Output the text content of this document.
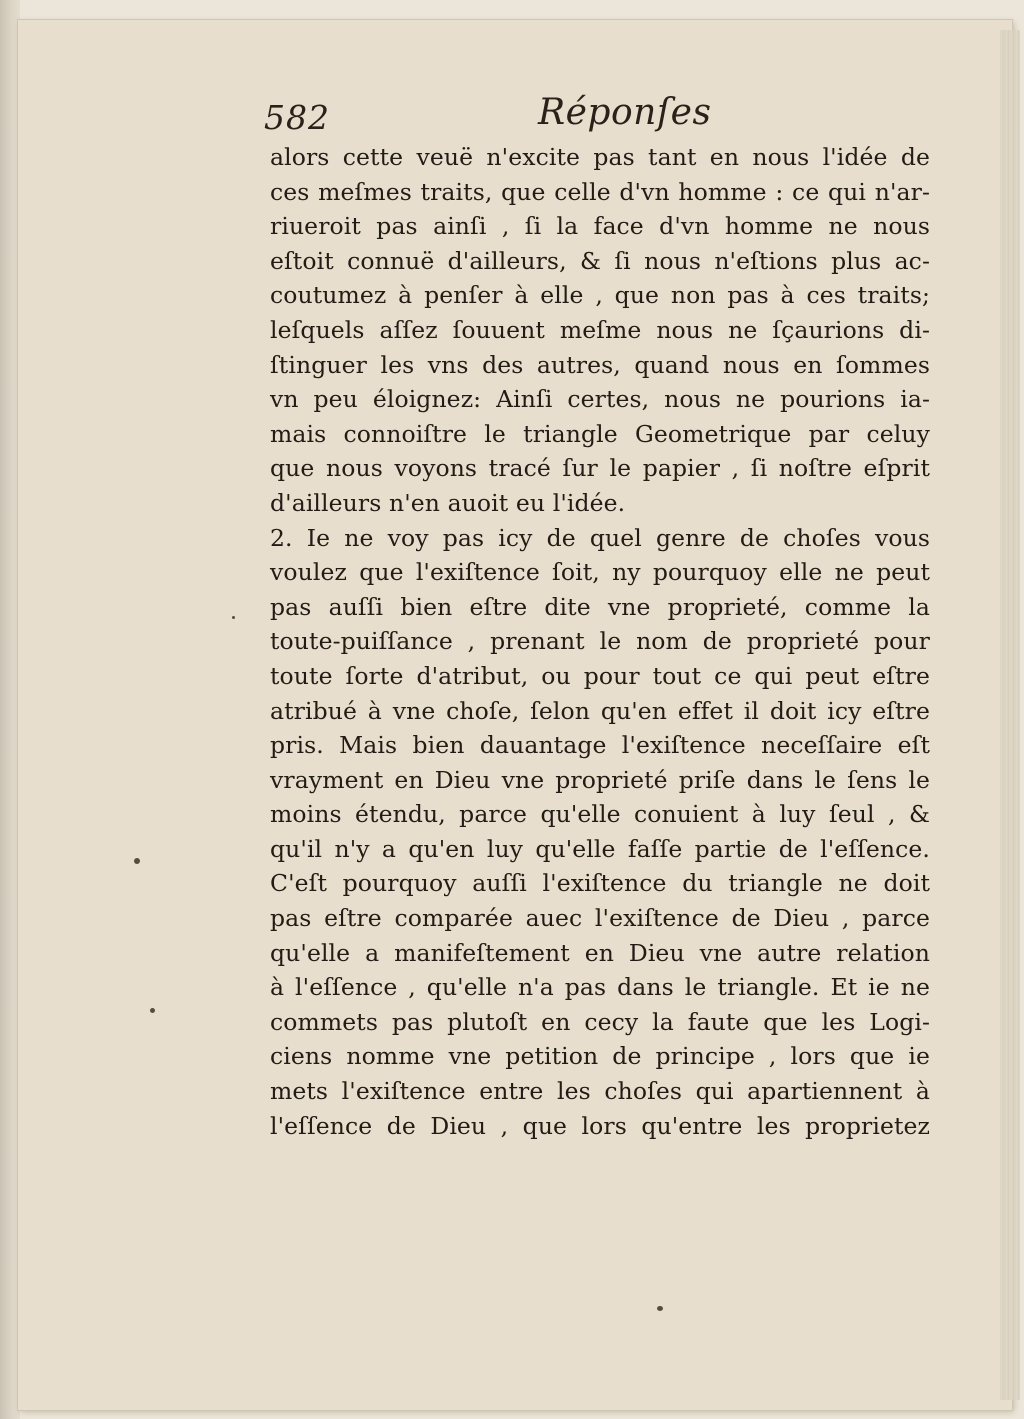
582	Réponſes
alors cette veuë n'excite pas tant en nous l'idée de
ces meſmes traits, que celle d'vn homme : ce qui n'ar-
riueroit pas ainſi , ſi la face d'vn homme ne nous
eſtoit connuë d'ailleurs, & ſi nous n'eſtions plus ac-
coutumez à penſer à elle , que non pas à ces traits;
leſquels aſſez ſouuent meſme nous ne ſçaurions di-
ſtinguer les vns des autres, quand nous en ſommes
vn peu éloignez: Ainſi certes, nous ne pourions ia-
mais connoiſtre le triangle Geometrique par celuy
que nous voyons tracé ſur le papier , ſi noſtre eſprit
d'ailleurs n'en auoit eu l'idée.
2. Ie ne voy pas icy de quel genre de choſes vous
voulez que l'exiſtence ſoit, ny pourquoy elle ne peut
pas auſſi bien eſtre dite vne proprieté, comme la
toute-puiſſance , prenant le nom de proprieté pour
toute ſorte d'atribut, ou pour tout ce qui peut eſtre
atribué à vne choſe, ſelon qu'en effet il doit icy eſtre
pris. Mais bien dauantage l'exiſtence neceſſaire eſt
vrayment en Dieu vne proprieté priſe dans le ſens le
moins étendu, parce qu'elle conuient à luy ſeul , &
qu'il n'y a qu'en luy qu'elle faſſe partie de l'eſſence.
C'eſt pourquoy auſſi l'exiſtence du triangle ne doit
pas eſtre comparée auec l'exiſtence de Dieu , parce
qu'elle a manifeſtement en Dieu vne autre relation
à l'eſſence , qu'elle n'a pas dans le triangle. Et ie ne
commets pas plutoſt en cecy la faute que les Logi-
ciens nomme vne petition de principe , lors que ie
mets l'exiſtence entre les choſes qui apartiennent à
l'eſſence de Dieu , que lors qu'entre les proprietez
